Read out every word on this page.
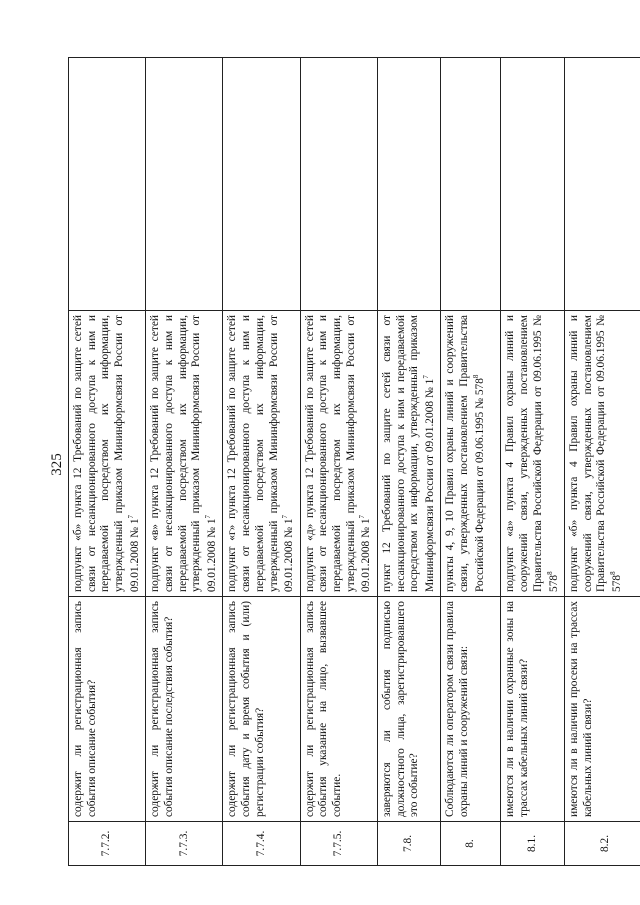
325
7.7.2.	содержит ли регистрационная запись события описание события?	подпункт «б» пункта 12 Требований по защите сетей связи от несанкционированного доступа к ним и передаваемой посредством их информации, утвержденный приказом Мининформсвязи России от 09.01.2008 № $1^7$	
7.7.3.	содержит ли регистрационная запись события описание последствия события?	подпункт «в» пункта 12 Требований по защите сетей связи от несанкционированного доступа к ним и передаваемой посредством их информации, утвержденный приказом Мининформсвязи России от 09.01.2008 № $1^7$	
7.7.4.	содержит ли регистрационная запись события дату и время события и (или) регистрации события?	подпункт «г» пункта 12 Требований по защите сетей связи от несанкционированного доступа к ним и передаваемой посредством их информации, утвержденный приказом Мининформсвязи России от 09.01.2008 № $1^7$	
7.7.5.	содержит ли регистрационная запись события указание на лицо, вызвавшее событие.	подпункт «д» пункта 12 Требований по защите сетей связи от несанкционированного доступа к ним и передаваемой посредством их информации, утвержденный приказом Мининформсвязи России от 09.01.2008 № $1^7$	
7.8.	заверяются ли события подписью должностного лица, зарегистрировавшего это событие?	пункт 12 Требований по защите сетей связи от несанкционированного доступа к ним и передаваемой посредством их информации, утвержденный приказом Мининформсвязи России от 09.01.2008 № $1^7$	
8.	Соблюдаются ли оператором связи правила охраны линий и сооружений связи:	пункты 4, 9, 10 Правил охраны линий и сооружений связи, утвержденных постановлением Правительства Российской Федерации от 09.06.1995 № $578^8$	
8.1.	имеются ли в наличии охранные зоны на трассах кабельных линий связи?	подпункт «а» пункта 4 Правил охраны линий и сооружений связи, утвержденных постановлением Правительства Российской Федерации от 09.06.1995 № $578^8$	
8.2.	имеются ли в наличии просеки на трассах кабельных линий связи?	подпункт «б» пункта 4 Правил охраны линий и сооружений связи, утвержденных постановлением Правительства Российской Федерации от 09.06.1995 № $578^8$	
